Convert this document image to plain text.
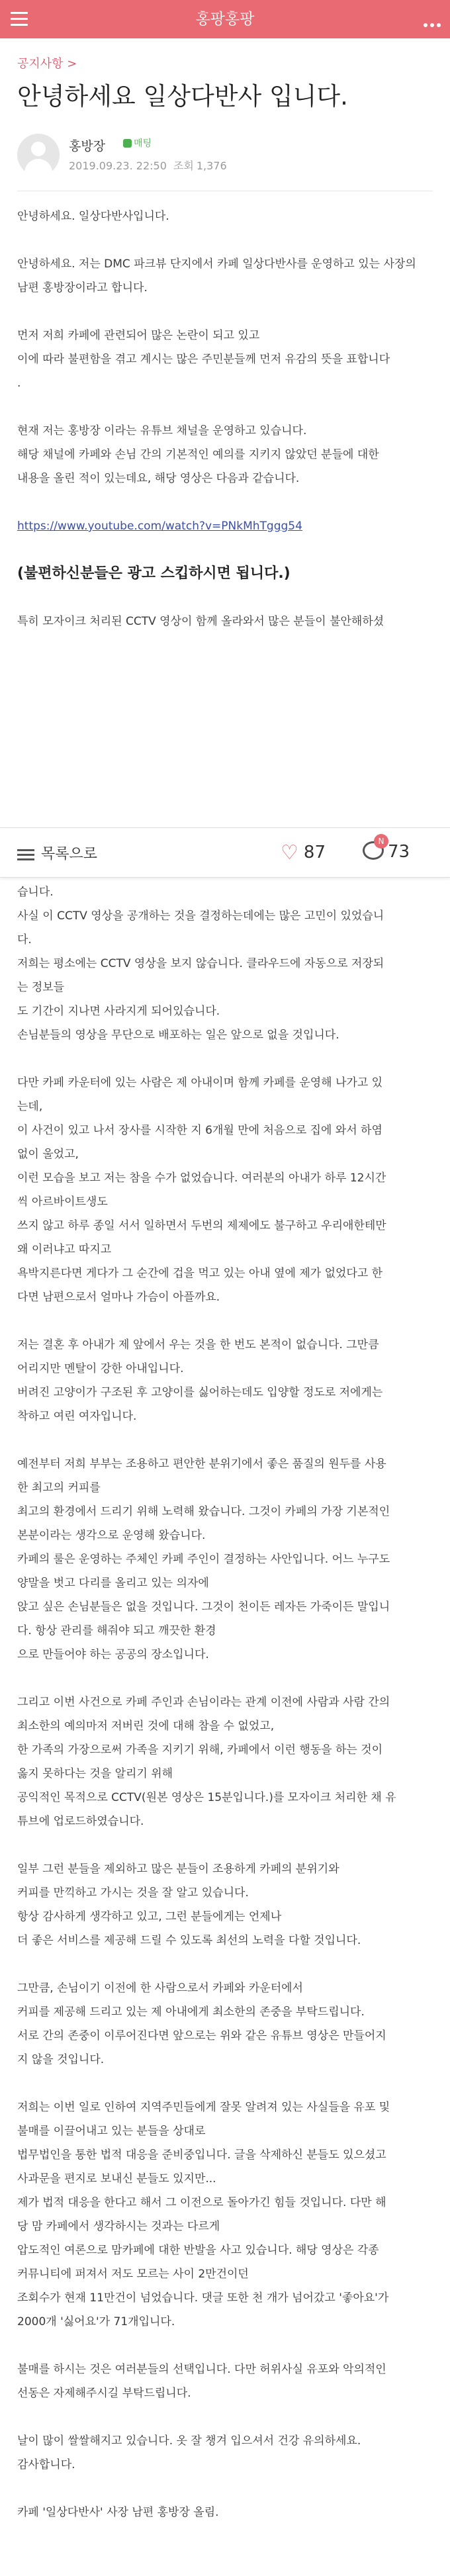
홍팡홍팡
공지사항 >
안녕하세요 일상다반사 입니다.
홍방장	매팅
2019.09.23. 22:50 조회 1,376

안녕하세요. 일상다반사입니다.

안녕하세요. 저는 DMC 파크뷰 단지에서 카페 일상다반사를 운영하고 있는 사장의

남편 홍방장이라고 합니다.

먼저 저희 카페에 관련되어 많은 논란이 되고 있고

이에 따라 불편함을 겪고 계시는 많은 주민분들께 먼저 유감의 뜻을 표합니다

.

현재 저는 홍방장 이라는 유튜브 채널을 운영하고 있습니다.

해당 채널에 카페와 손님 간의 기본적인 예의를 지키지 않았던 분들에 대한

내용을 올린 적이 있는데요, 해당 영상은 다음과 같습니다.

https://www.youtube.com/watch?v=PNkMhTggg54

(불편하신분들은 광고 스킵하시면 됩니다.)

특히 모자이크 처리된 CCTV 영상이 함께 올라와서 많은 분들이 불안해하셨

목록으로	♡ 87
N
73

습니다.

사실 이 CCTV 영상을 공개하는 것을 결정하는데에는 많은 고민이 있었습니

다.

저희는 평소에는 CCTV 영상을 보지 않습니다. 클라우드에 자동으로 저장되

는 정보들

도 기간이 지나면 사라지게 되어있습니다.

손님분들의 영상을 무단으로 배포하는 일은 앞으로 없을 것입니다.

다만 카페 카운터에 있는 사람은 제 아내이며 함께 카페를 운영해 나가고 있

는데,

이 사건이 있고 나서 장사를 시작한 지 6개월 만에 처음으로 집에 와서 하염

없이 울었고,

이런 모습을 보고 저는 참을 수가 없었습니다. 여러분의 아내가 하루 12시간

씩 아르바이트생도

쓰지 않고 하루 종일 서서 일하면서 두번의 제제에도 불구하고 우리애한테만

왜 이러냐고 따지고

욕박지른다면 게다가 그 순간에 겁을 먹고 있는 아내 옆에 제가 없었다고 한

다면 남편으로서 얼마나 가슴이 아플까요.

저는 결혼 후 아내가 제 앞에서 우는 것을 한 번도 본적이 없습니다. 그만큼

어리지만 멘탈이 강한 아내입니다.

버려진 고양이가 구조된 후 고양이를 싫어하는데도 입양할 정도로 저에게는

착하고 여린 여자입니다.

예전부터 저희 부부는 조용하고 편안한 분위기에서 좋은 품질의 원두를 사용

한 최고의 커피를

최고의 환경에서 드리기 위해 노력해 왔습니다. 그것이 카페의 가장 기본적인

본분이라는 생각으로 운영해 왔습니다.

카페의 룰은 운영하는 주체인 카페 주인이 결정하는 사안입니다. 어느 누구도

양말을 벗고 다리를 올리고 있는 의자에

앉고 싶은 손님분들은 없을 것입니다. 그것이 천이든 레자든 가죽이든 말입니

다. 항상 관리를 해줘야 되고 깨끗한 환경

으로 만들어야 하는 공공의 장소입니다.

그리고 이번 사건으로 카페 주인과 손님이라는 관계 이전에 사람과 사람 간의

최소한의 예의마저 저버린 것에 대해 참을 수 없었고,

한 가족의 가장으로써 가족을 지키기 위해, 카페에서 이런 행동을 하는 것이

옳지 못하다는 것을 알리기 위해

공익적인 목적으로 CCTV(원본 영상은 15분입니다.)를 모자이크 처리한 채 유

튜브에 업로드하였습니다.

일부 그런 분들을 제외하고 많은 분들이 조용하게 카페의 분위기와

커피를 만끽하고 가시는 것을 잘 알고 있습니다.

항상 감사하게 생각하고 있고, 그런 분들에게는 언제나

더 좋은 서비스를 제공해 드릴 수 있도록 최선의 노력을 다할 것입니다.

그만큼, 손님이기 이전에 한 사람으로서 카페와 카운터에서

커피를 제공해 드리고 있는 제 아내에게 최소한의 존중을 부탁드립니다.

서로 간의 존중이 이루어진다면 앞으로는 위와 같은 유튜브 영상은 만들어지

지 않을 것입니다.

저희는 이번 일로 인하여 지역주민들에게 잘못 알려져 있는 사실들을 유포 및

불매를 이끌어내고 있는 분들을 상대로

법무법인을 통한 법적 대응을 준비중입니다. 글을 삭제하신 분들도 있으셨고

사과문을 편지로 보내신 분들도 있지만...

제가 법적 대응을 한다고 해서 그 이전으로 돌아가긴 힘들 것입니다. 다만 해

당 맘 카페에서 생각하시는 것과는 다르게

압도적인 여론으로 맘카페에 대한 반발을 사고 있습니다. 해당 영상은 각종

커뮤니티에 퍼져서 저도 모르는 사이 2만건이던

조회수가 현재 11만건이 넘었습니다. 댓글 또한 천 개가 넘어갔고 '좋아요'가

2000개 '싫어요'가 71개입니다.

불매를 하시는 것은 여러분들의 선택입니다. 다만 허위사실 유포와 악의적인

선동은 자제해주시길 부탁드립니다.

날이 많이 쌀쌀해지고 있습니다. 옷 잘 챙겨 입으셔서 건강 유의하세요.

감사합니다.

카페 '일상다반사' 사장 남편 홍방장 올림.
